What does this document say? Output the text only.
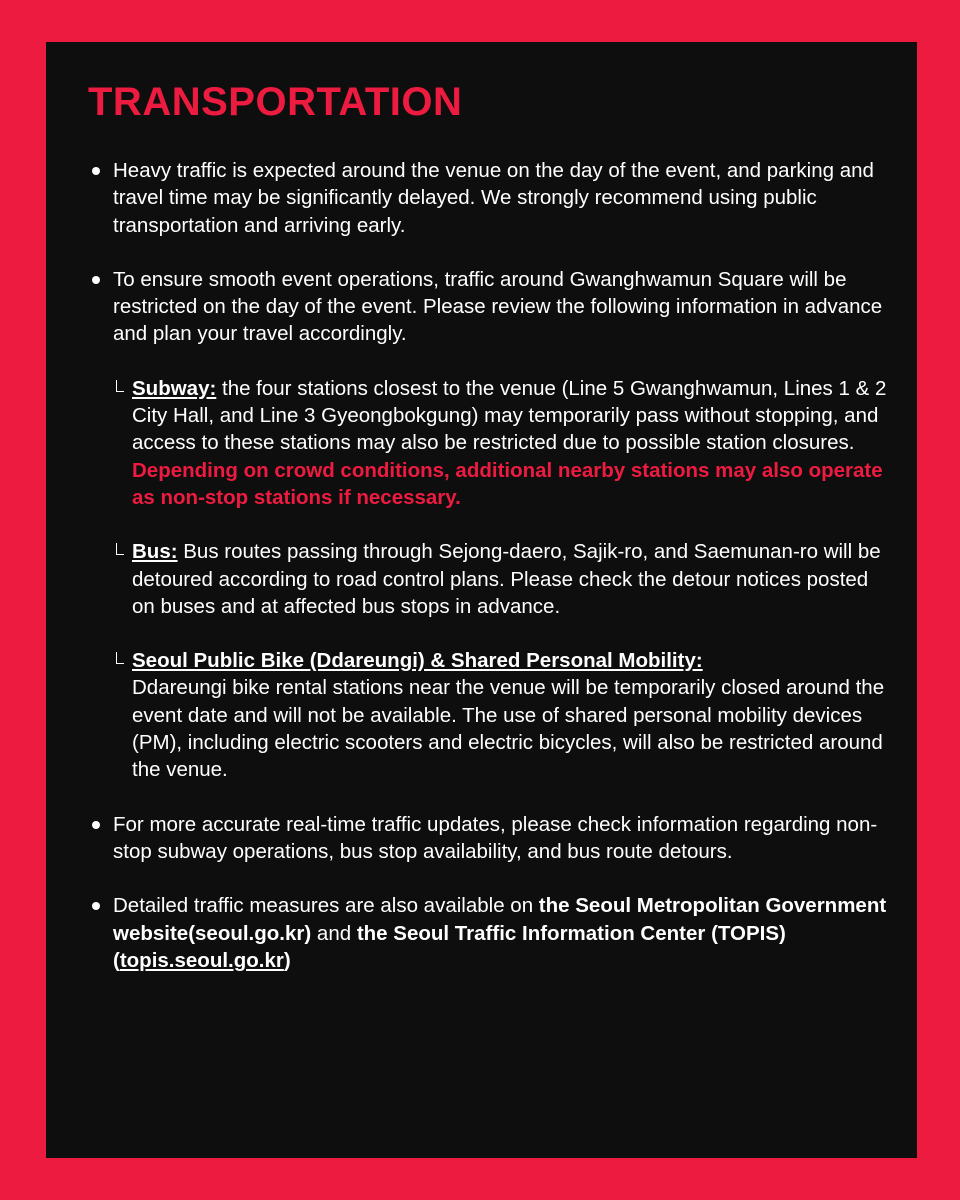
TRANSPORTATION

Heavy traffic is expected around the venue on the day of the event, and parking and travel time may be significantly delayed. We strongly recommend using public transportation and arriving early.

To ensure smooth event operations, traffic around Gwanghwamun Square will be restricted on the day of the event. Please review the following information in advance and plan your travel accordingly.

Subway: the four stations closest to the venue (Line 5 Gwanghwamun, Lines 1 & 2 City Hall, and Line 3 Gyeongbokgung) may temporarily pass without stopping, and access to these stations may also be restricted due to possible station closures.
Depending on crowd conditions, additional nearby stations may also operate as non-stop stations if necessary.

Bus: Bus routes passing through Sejong-daero, Sajik-ro, and Saemunan-ro will be detoured according to road control plans. Please check the detour notices posted on buses and at affected bus stops in advance.

Seoul Public Bike (Ddareungi) & Shared Personal Mobility:
Ddareungi bike rental stations near the venue will be temporarily closed around the event date and will not be available. The use of shared personal mobility devices (PM), including electric scooters and electric bicycles, will also be restricted around the venue.

For more accurate real-time traffic updates, please check information regarding non-stop subway operations, bus stop availability, and bus route detours.

Detailed traffic measures are also available on the Seoul Metropolitan Government website(seoul.go.kr) and the Seoul Traffic Information Center (TOPIS) (topis.seoul.go.kr)
